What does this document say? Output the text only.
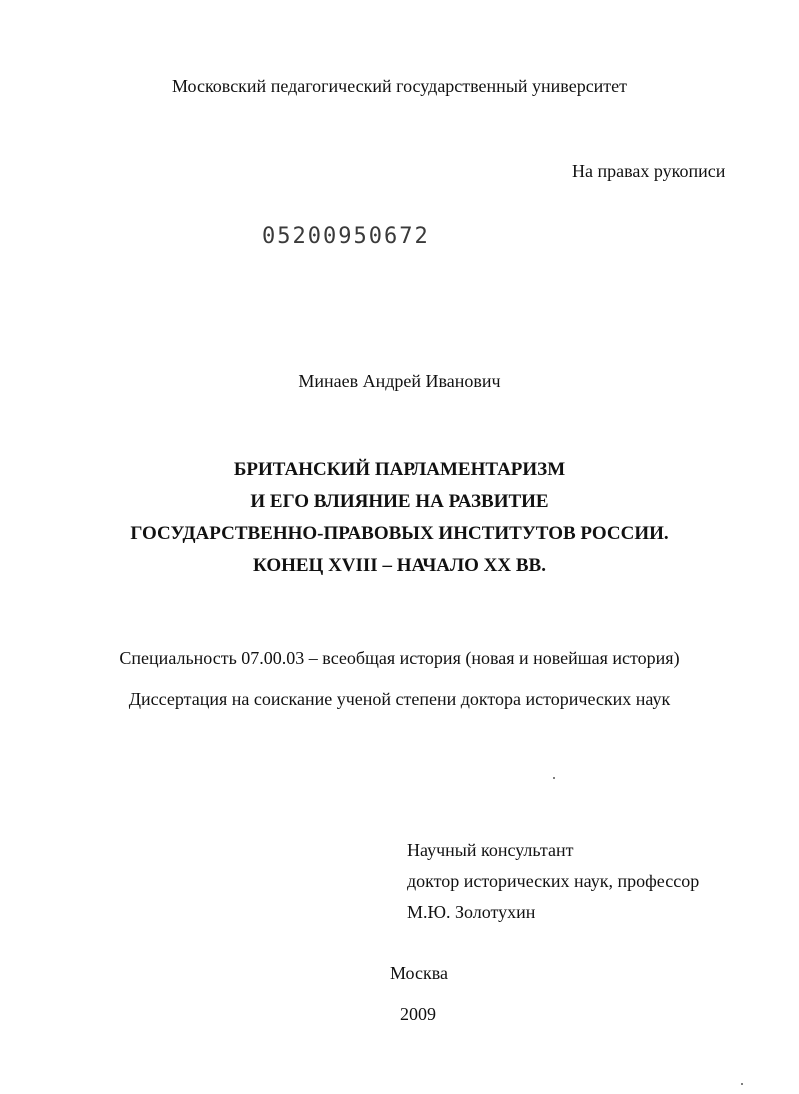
Московский педагогический государственный университет
На правах рукописи
05200950672
Минаев Андрей Иванович
БРИТАНСКИЙ ПАРЛАМЕНТАРИЗМ
И ЕГО ВЛИЯНИЕ НА РАЗВИТИЕ
ГОСУДАРСТВЕННО-ПРАВОВЫХ ИНСТИТУТОВ РОССИИ.
КОНЕЦ XVIII – НАЧАЛО XX ВВ.
Специальность 07.00.03 – всеобщая история (новая и новейшая история)
Диссертация на соискание ученой степени доктора исторических наук
Научный консультант
доктор исторических наук, профессор
М.Ю. Золотухин
Москва
2009
